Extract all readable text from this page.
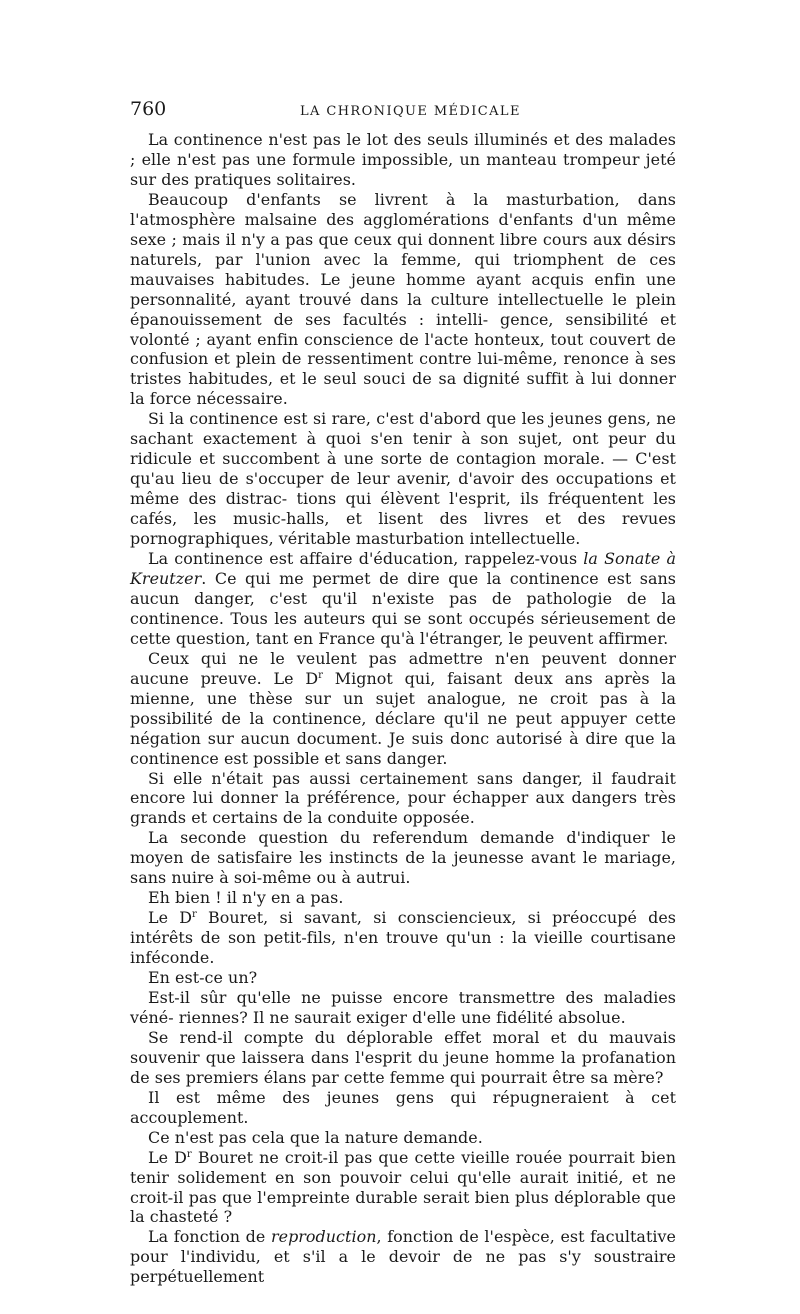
760	LA CHRONIQUE MÉDICALE

La continence n'est pas le lot des seuls illuminés et des malades ; elle n'est pas une formule impossible, un manteau trompeur jeté sur des pratiques solitaires.

Beaucoup d'enfants se livrent à la masturbation, dans l'atmosphère malsaine des agglomérations d'enfants d'un même sexe ; mais il n'y a pas que ceux qui donnent libre cours aux désirs naturels, par l'union avec la femme, qui triomphent de ces mauvaises habitudes. Le jeune homme ayant acquis enfin une personnalité, ayant trouvé dans la culture intellectuelle le plein épanouissement de ses facultés : intelli- gence, sensibilité et volonté ; ayant enfin conscience de l'acte honteux, tout couvert de confusion et plein de ressentiment contre lui-même, renonce à ses tristes habitudes, et le seul souci de sa dignité suffit à lui donner la force nécessaire.

Si la continence est si rare, c'est d'abord que les jeunes gens, ne sachant exactement à quoi s'en tenir à son sujet, ont peur du ridicule et succombent à une sorte de contagion morale. — C'est qu'au lieu de s'occuper de leur avenir, d'avoir des occupations et même des distrac- tions qui élèvent l'esprit, ils fréquentent les cafés, les music-halls, et lisent des livres et des revues pornographiques, véritable masturbation intellectuelle.

La continence est affaire d'éducation, rappelez-vous la Sonate à Kreutzer. Ce qui me permet de dire que la continence est sans aucun danger, c'est qu'il n'existe pas de pathologie de la continence. Tous les auteurs qui se sont occupés sérieusement de cette question, tant en France qu'à l'étranger, le peuvent affirmer.

Ceux qui ne le veulent pas admettre n'en peuvent donner aucune preuve. Le $D^r$ Mignot qui, faisant deux ans après la mienne, une thèse sur un sujet analogue, ne croit pas à la possibilité de la continence, déclare qu'il ne peut appuyer cette négation sur aucun document. Je suis donc autorisé à dire que la continence est possible et sans danger.

Si elle n'était pas aussi certainement sans danger, il faudrait encore lui donner la préférence, pour échapper aux dangers très grands et certains de la conduite opposée.

La seconde question du referendum demande d'indiquer le moyen de satisfaire les instincts de la jeunesse avant le mariage, sans nuire à soi-même ou à autrui.

Eh bien ! il n'y en a pas.

Le $D^r$ Bouret, si savant, si consciencieux, si préoccupé des intérêts de son petit-fils, n'en trouve qu'un : la vieille courtisane inféconde.

En est-ce un?

Est-il sûr qu'elle ne puisse encore transmettre des maladies véné- riennes? Il ne saurait exiger d'elle une fidélité absolue.

Se rend-il compte du déplorable effet moral et du mauvais souvenir que laissera dans l'esprit du jeune homme la profanation de ses premiers élans par cette femme qui pourrait être sa mère?

Il est même des jeunes gens qui répugneraient à cet accouplement.

Ce n'est pas cela que la nature demande.

Le $D^r$ Bouret ne croit-il pas que cette vieille rouée pourrait bien tenir solidement en son pouvoir celui qu'elle aurait initié, et ne croit-il pas que l'empreinte durable serait bien plus déplorable que la chasteté ?

La fonction de reproduction, fonction de l'espèce, est facultative pour l'individu, et s'il a le devoir de ne pas s'y soustraire perpétuellement
